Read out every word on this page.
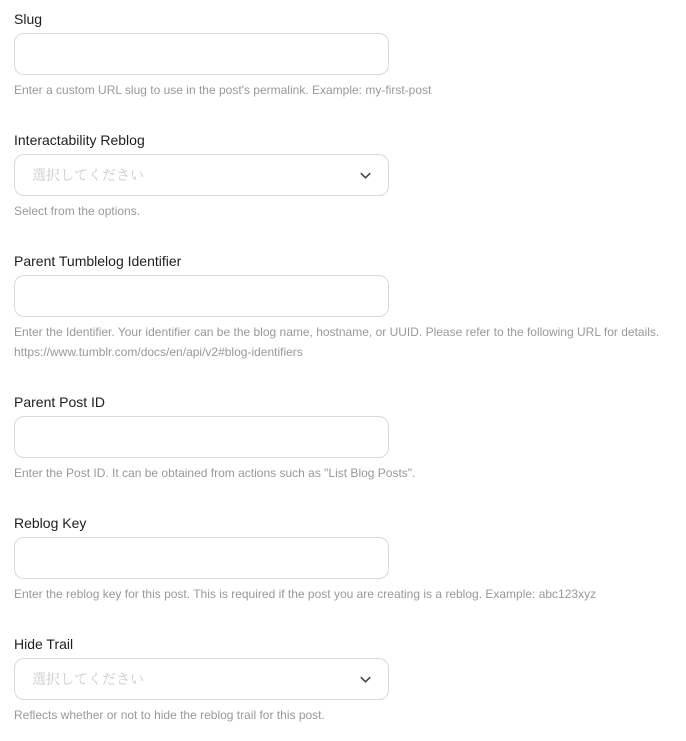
Slug
Enter a custom URL slug to use in the post's permalink. Example: my-first-post
Interactability Reblog
選択してください
Select from the options.
Parent Tumblelog Identifier
Enter the Identifier. Your identifier can be the blog name, hostname, or UUID. Please refer to the following URL for details.
https://www.tumblr.com/docs/en/api/v2#blog-identifiers
Parent Post ID
Enter the Post ID. It can be obtained from actions such as "List Blog Posts".
Reblog Key
Enter the reblog key for this post. This is required if the post you are creating is a reblog. Example: abc123xyz
Hide Trail
選択してください
Reflects whether or not to hide the reblog trail for this post.
